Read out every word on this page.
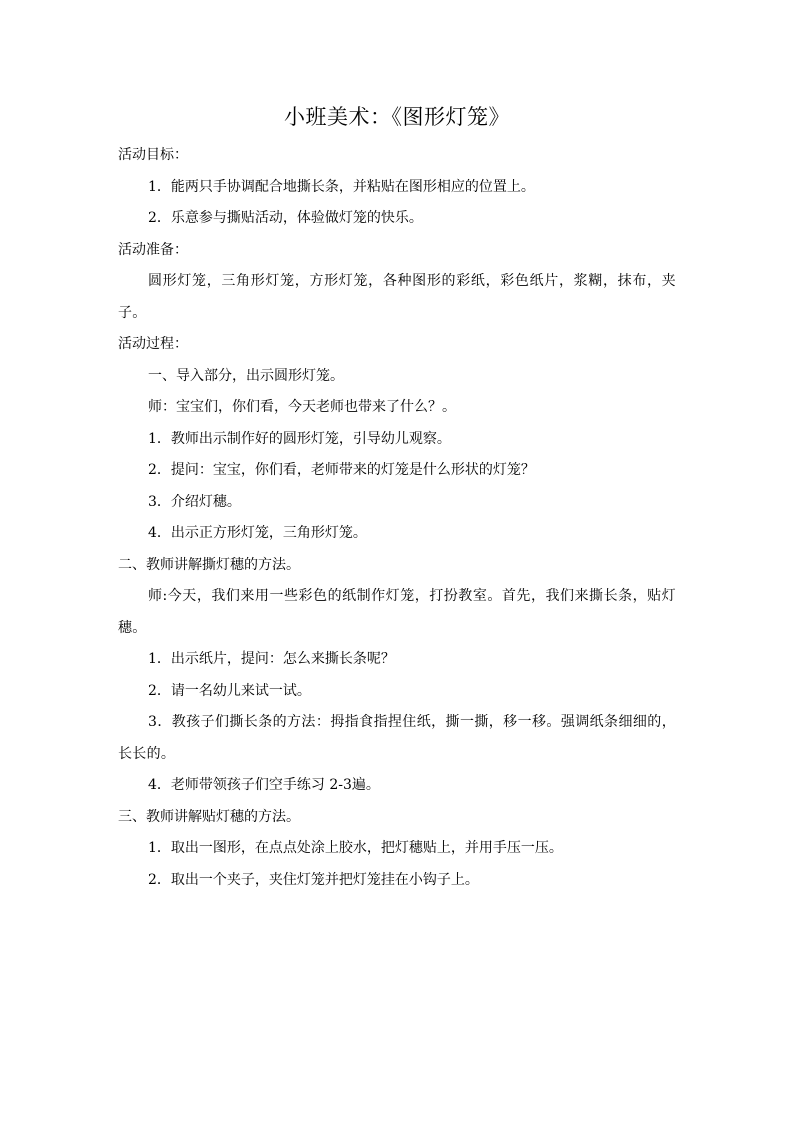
小班美术：《图形灯笼》
活动目标：
1．能两只手协调配合地撕长条，并粘贴在图形相应的位置上。
2．乐意参与撕贴活动，体验做灯笼的快乐。
活动准备：
圆形灯笼，三角形灯笼，方形灯笼，各种图形的彩纸，彩色纸片，浆糊，抹布，夹子。
活动过程：
一、导入部分，出示圆形灯笼。
师：宝宝们，你们看，今天老师也带来了什么？。
1．教师出示制作好的圆形灯笼，引导幼儿观察。
2．提问：宝宝，你们看，老师带来的灯笼是什么形状的灯笼？
3．介绍灯穗。
4．出示正方形灯笼，三角形灯笼。
二、教师讲解撕灯穗的方法。
师:今天，我们来用一些彩色的纸制作灯笼，打扮教室。首先，我们来撕长条，贴灯穗。
1．出示纸片，提问：怎么来撕长条呢？
2．请一名幼儿来试一试。
3．教孩子们撕长条的方法：拇指食指捏住纸，撕一撕，移一移。强调纸条细细的，长长的。
4．老师带领孩子们空手练习 2-3遍。
三、教师讲解贴灯穗的方法。
1．取出一图形，在点点处涂上胶水，把灯穗贴上，并用手压一压。
2．取出一个夹子，夹住灯笼并把灯笼挂在小钩子上。
